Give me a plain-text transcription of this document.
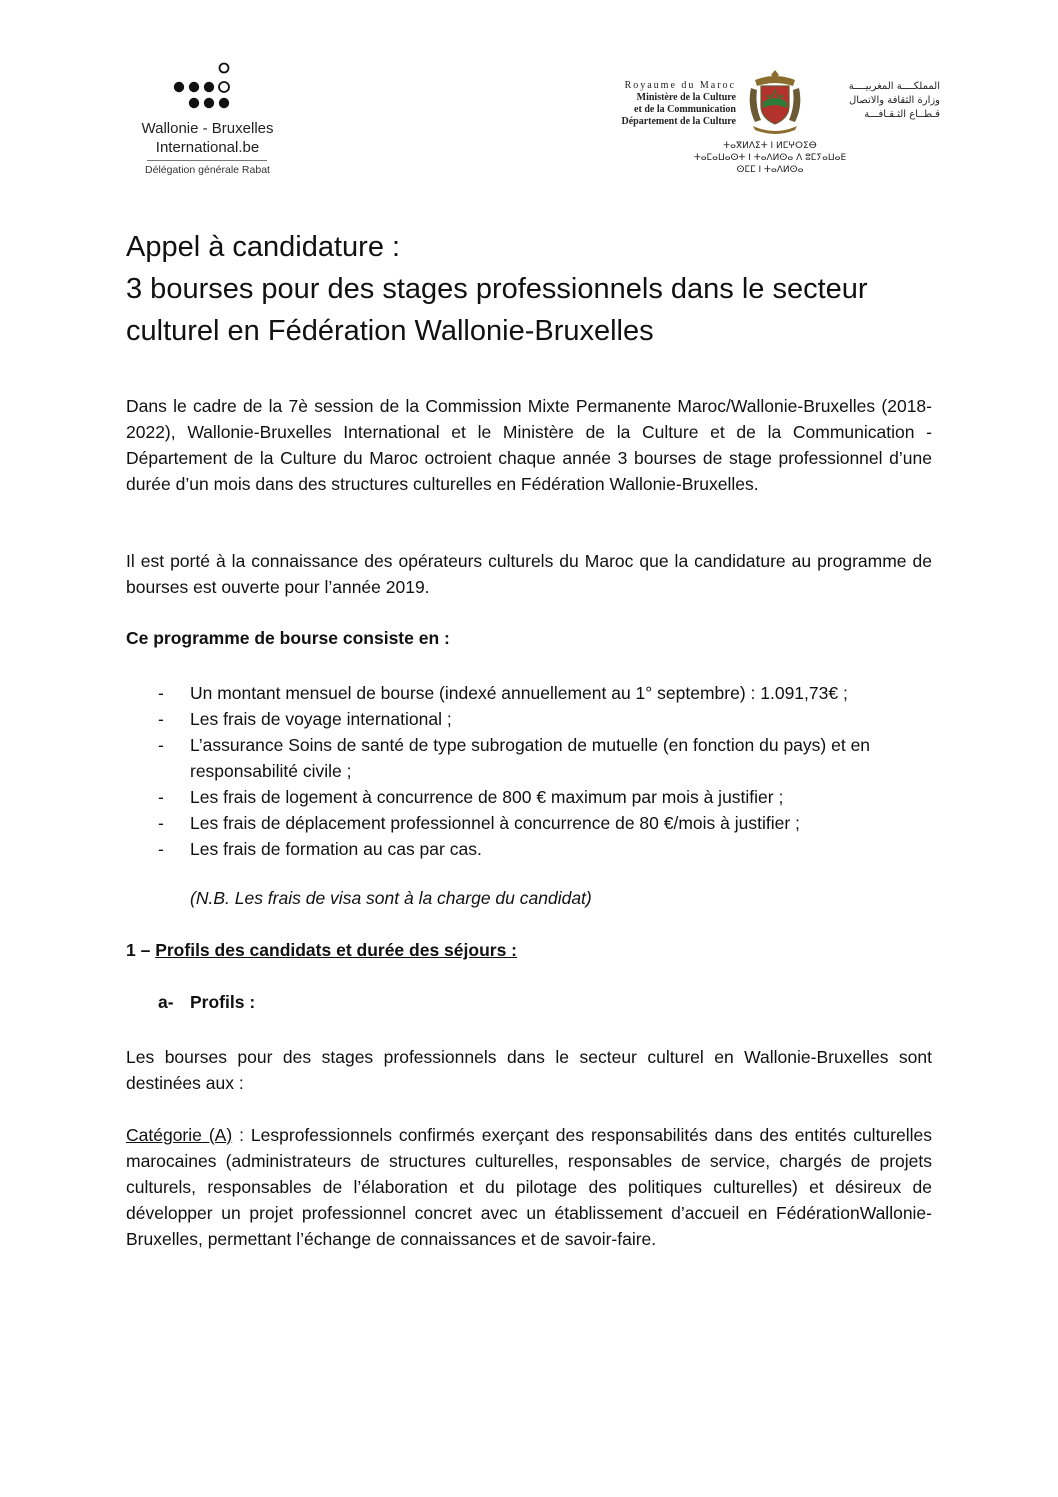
Wallonie - Bruxelles
International.be
Délégation générale Rabat
Royaume du Maroc
Ministère de la Culture
et de la Communication
Département de la Culture
المملكــــة المغربيــــة
وزارة الثقافة والاتصال
قـطــاع الثـقـافـــة
ⵜⴰⴳⵍⴷⵉⵜ ⵏ ⵍⵎⵖⵔⵉⴱ
ⵜⴰⵎⴰⵡⴰⵙⵜ ⵏ ⵜⴰⴷⵍⵙⴰ ⴷ ⵓⵎⵢⴰⵡⴰⴹ
ⵙⵎⵎ ⵏ ⵜⴰⴷⵍⵙⴰ
Appel à candidature :
3 bourses pour des stages professionnels dans le secteur
culturel en Fédération Wallonie-Bruxelles
Dans le cadre de la 7è session de la Commission Mixte Permanente Maroc/Wallonie-Bruxelles (2018-2022), Wallonie-Bruxelles International et le Ministère de la Culture et de la Communication - Département de la Culture du Maroc octroient chaque année 3 bourses de stage professionnel d’une durée d’un mois dans des structures culturelles en Fédération Wallonie-Bruxelles.
Il est porté à la connaissance des opérateurs culturels du Maroc que la candidature au programme de bourses est ouverte pour l’année 2019.
Ce programme de bourse consiste en :
- Un montant mensuel de bourse (indexé annuellement au 1° septembre) : 1.091,73€ ;
- Les frais de voyage international ;
- L’assurance Soins de santé de type subrogation de mutuelle (en fonction du pays) et en responsabilité civile ;
- Les frais de logement à concurrence de 800 € maximum par mois à justifier ;
- Les frais de déplacement professionnel à concurrence de 80 €/mois à justifier ;
- Les frais de formation au cas par cas.
(N.B. Les frais de visa sont à la charge du candidat)
1 – Profils des candidats et durée des séjours :
a- Profils :
Les bourses pour des stages professionnels dans le secteur culturel en Wallonie-Bruxelles sont destinées aux :
Catégorie (A) : Lesprofessionnels confirmés exerçant des responsabilités dans des entités culturelles marocaines (administrateurs de structures culturelles, responsables de service, chargés de projets culturels, responsables de l’élaboration et du pilotage des politiques culturelles) et désireux de développer un projet professionnel concret avec un établissement d’accueil en FédérationWallonie-Bruxelles, permettant l’échange de connaissances et de savoir-faire.
